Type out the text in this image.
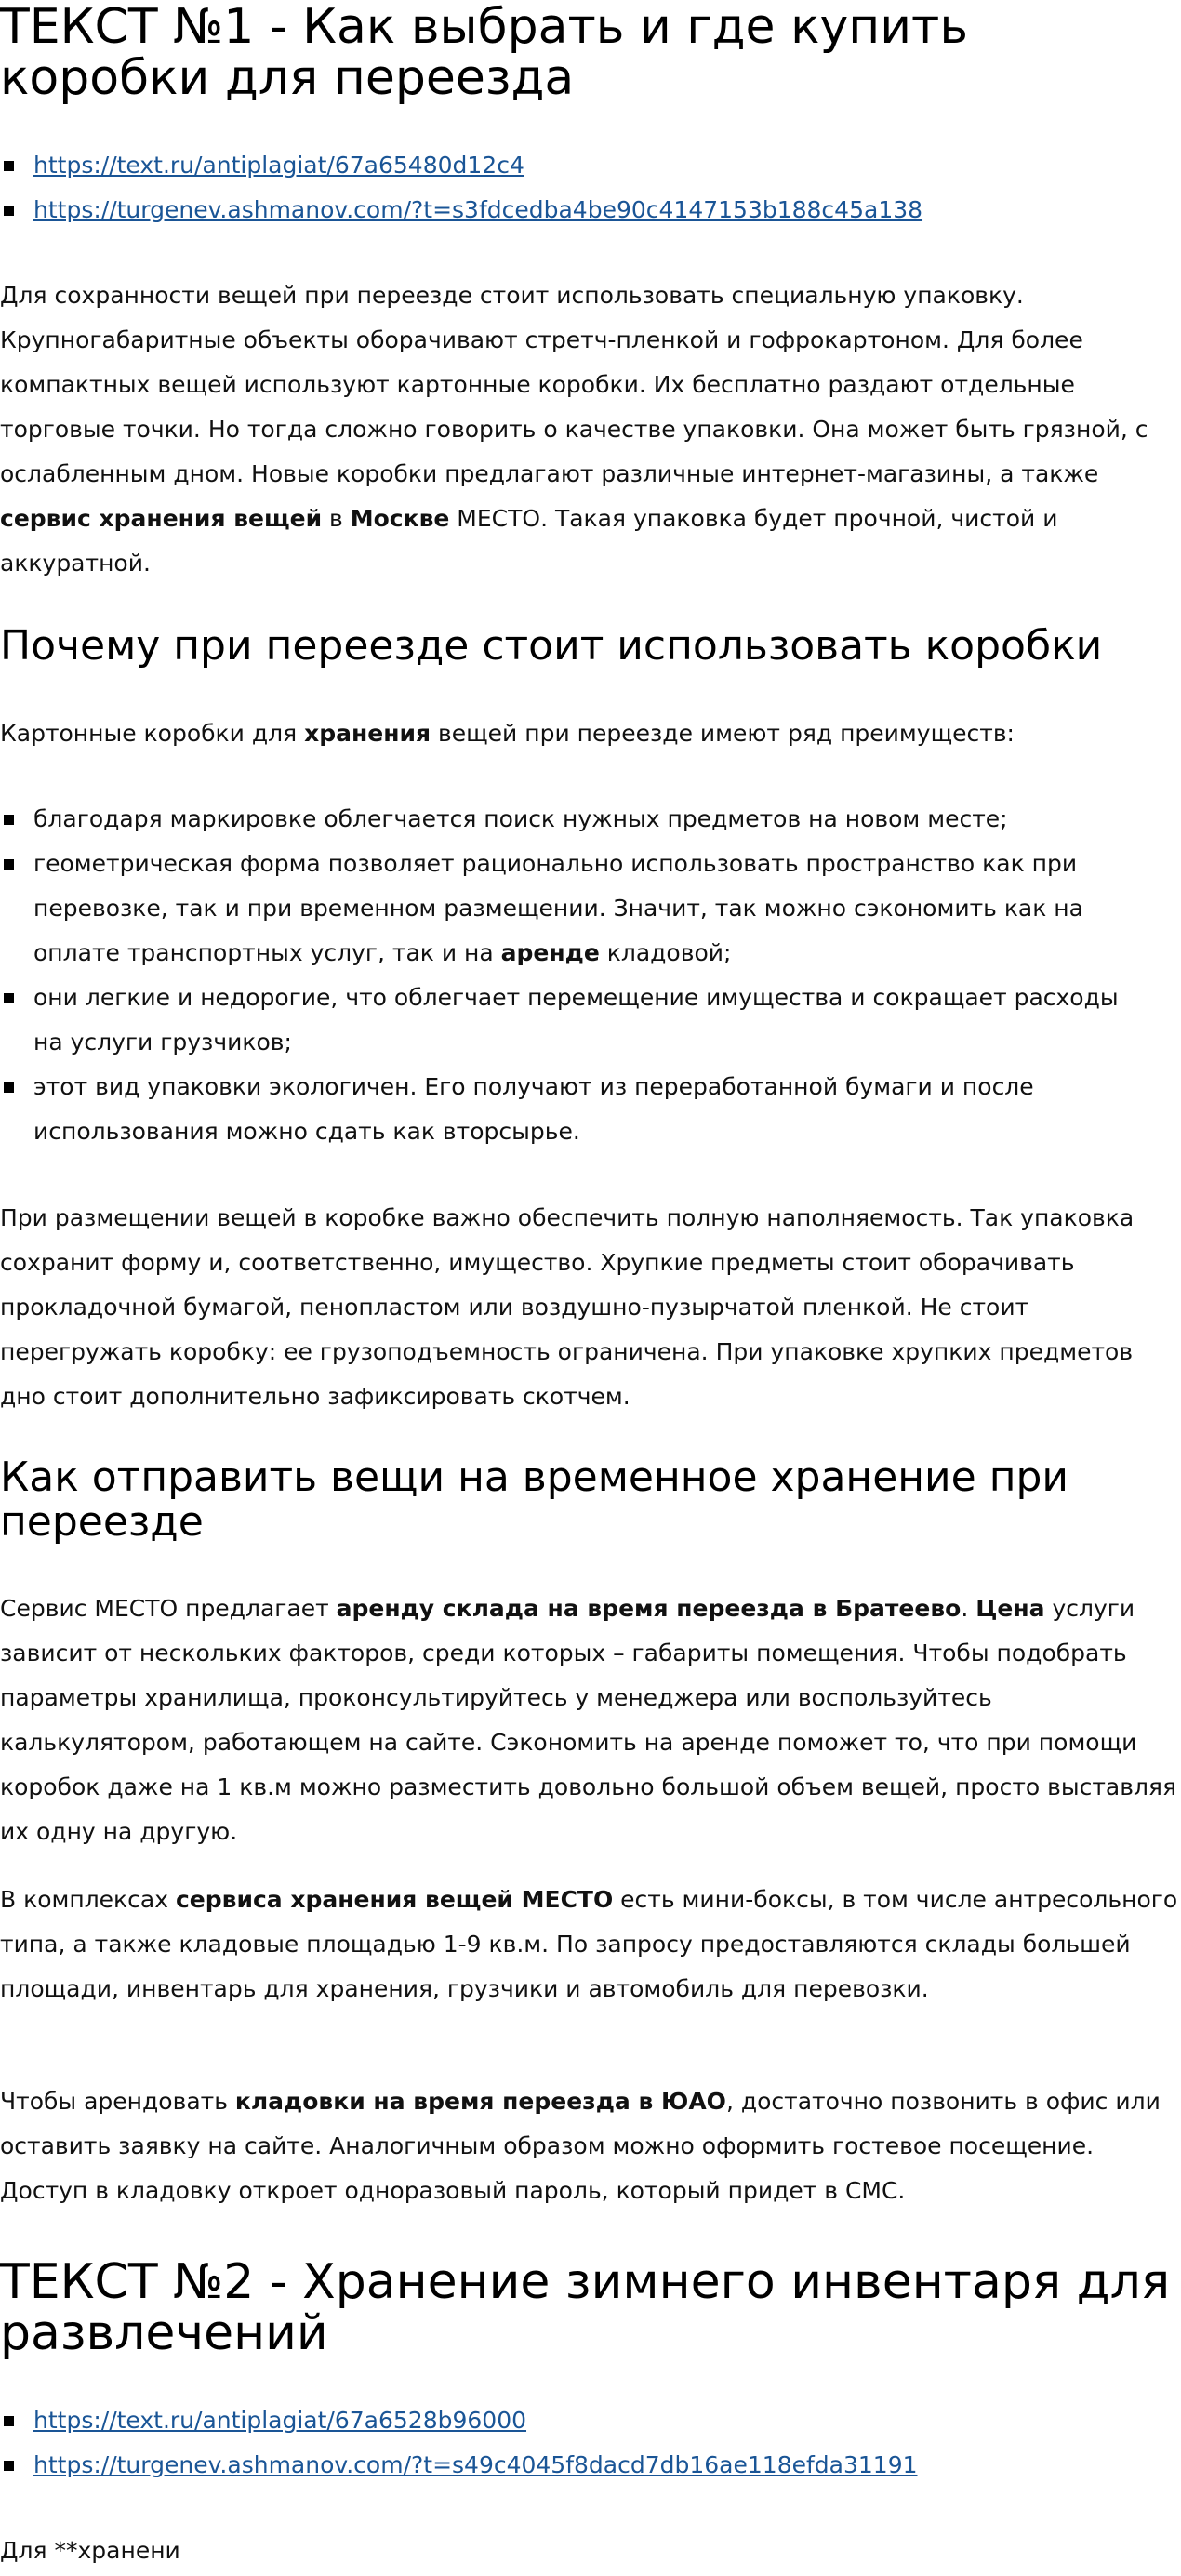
ТЕКСТ №1 - Как выбрать и где купить коробки для переезда
https://text.ru/antiplagiat/67a65480d12c4
https://turgenev.ashmanov.com/?t=s3fdcedba4be90c4147153b188c45a138

Для сохранности вещей при переезде стоит использовать специальную упаковку. Крупногабаритные объекты оборачивают стретч-пленкой и гофрокартоном. Для более компактных вещей используют картонные коробки. Их бесплатно раздают отдельные торговые точки. Но тогда сложно говорить о качестве упаковки. Она может быть грязной, с ослабленным дном. Новые коробки предлагают различные интернет-магазины, а также сервис хранения вещей в Москве МЕСТО. Такая упаковка будет прочной, чистой и аккуратной.

Почему при переезде стоит использовать коробки

Картонные коробки для хранения вещей при переезде имеют ряд преимуществ:

благодаря маркировке облегчается поиск нужных предметов на новом месте;
геометрическая форма позволяет рационально использовать пространство как при перевозке, так и при временном размещении. Значит, так можно сэкономить как на оплате транспортных услуг, так и на аренде кладовой;
они легкие и недорогие, что облегчает перемещение имущества и сокращает расходы на услуги грузчиков;
этот вид упаковки экологичен. Его получают из переработанной бумаги и после использования можно сдать как вторсырье.

При размещении вещей в коробке важно обеспечить полную наполняемость. Так упаковка сохранит форму и, соответственно, имущество. Хрупкие предметы стоит оборачивать прокладочной бумагой, пенопластом или воздушно-пузырчатой пленкой. Не стоит перегружать коробку: ее грузоподъемность ограничена. При упаковке хрупких предметов дно стоит дополнительно зафиксировать скотчем.

Как отправить вещи на временное хранение при переезде

Сервис МЕСТО предлагает аренду склада на время переезда в Братеево. Цена услуги зависит от нескольких факторов, среди которых – габариты помещения. Чтобы подобрать параметры хранилища, проконсультируйтесь у менеджера или воспользуйтесь калькулятором, работающем на сайте. Сэкономить на аренде поможет то, что при помощи коробок даже на 1 кв.м можно разместить довольно большой объем вещей, просто выставляя их одну на другую.

В комплексах сервиса хранения вещей МЕСТО есть мини-боксы, в том числе антресольного типа, а также кладовые площадью 1-9 кв.м. По запросу предоставляются склады большей площади, инвентарь для хранения, грузчики и автомобиль для перевозки.

Чтобы арендовать кладовки на время переезда в ЮАО, достаточно позвонить в офис или оставить заявку на сайте. Аналогичным образом можно оформить гостевое посещение. Доступ в кладовку откроет одноразовый пароль, который придет в СМС.

ТЕКСТ №2 - Хранение зимнего инвентаря для развлечений
https://text.ru/antiplagiat/67a6528b96000
https://turgenev.ashmanov.com/?t=s49c4045f8dacd7db16ae118efda31191

Для **хранени
